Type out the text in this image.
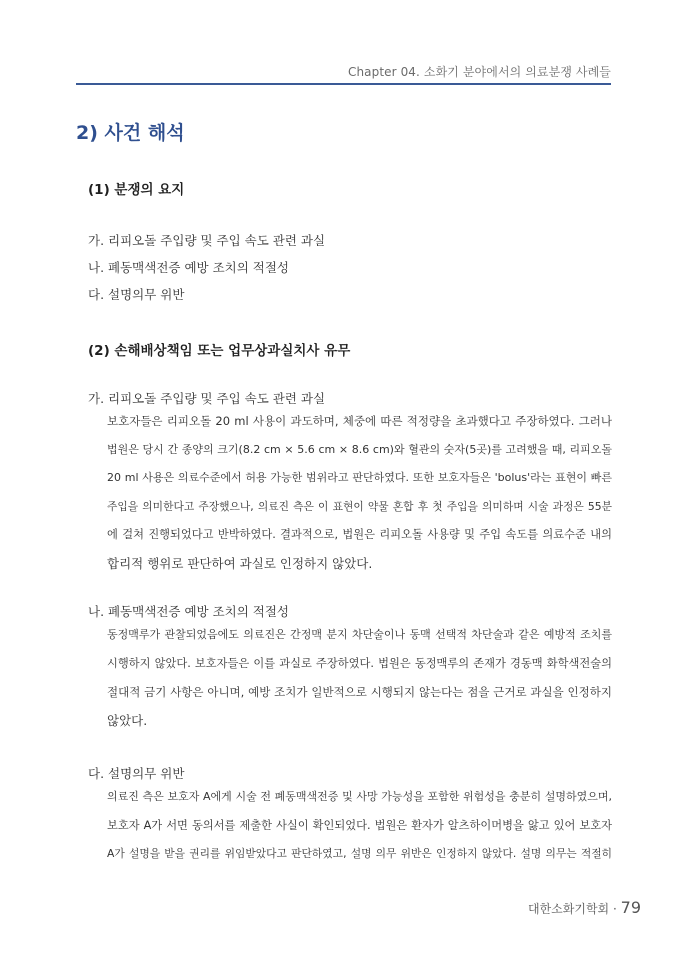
Chapter 04. 소화기 분야에서의 의료분쟁 사례들
2) 사건 해석
(1) 분쟁의 요지
가. 리피오돌 주입량 및 주입 속도 관련 과실
나. 폐동맥색전증 예방 조치의 적절성
다. 설명의무 위반
(2) 손해배상책임 또는 업무상과실치사 유무
가. 리피오돌 주입량 및 주입 속도 관련 과실
보호자들은 리피오돌 20 ml 사용이 과도하며, 체중에 따른 적정량을 초과했다고 주장하였다. 그러나
법원은 당시 간 종양의 크기(8.2 cm × 5.6 cm × 8.6 cm)와 혈관의 숫자(5곳)를 고려했을 때, 리피오돌
20 ml 사용은 의료수준에서 허용 가능한 범위라고 판단하였다. 또한 보호자들은 'bolus'라는 표현이 빠른
주입을 의미한다고 주장했으나, 의료진 측은 이 표현이 약물 혼합 후 첫 주입을 의미하며 시술 과정은 55분
에 걸쳐 진행되었다고 반박하였다. 결과적으로, 법원은 리피오돌 사용량 및 주입 속도를 의료수준 내의
합리적 행위로 판단하여 과실로 인정하지 않았다.
나. 폐동맥색전증 예방 조치의 적절성
동정맥루가 관찰되었음에도 의료진은 간정맥 분지 차단술이나 동맥 선택적 차단술과 같은 예방적 조치를
시행하지 않았다. 보호자들은 이를 과실로 주장하였다. 법원은 동정맥루의 존재가 경동맥 화학색전술의
절대적 금기 사항은 아니며, 예방 조치가 일반적으로 시행되지 않는다는 점을 근거로 과실을 인정하지
않았다.
다. 설명의무 위반
의료진 측은 보호자 A에게 시술 전 폐동맥색전증 및 사망 가능성을 포함한 위험성을 충분히 설명하였으며,
보호자 A가 서면 동의서를 제출한 사실이 확인되었다. 법원은 환자가 알츠하이머병을 앓고 있어 보호자
A가 설명을 받을 권리를 위임받았다고 판단하였고, 설명 의무 위반은 인정하지 않았다. 설명 의무는 적절히
대한소화기학회 · 79
